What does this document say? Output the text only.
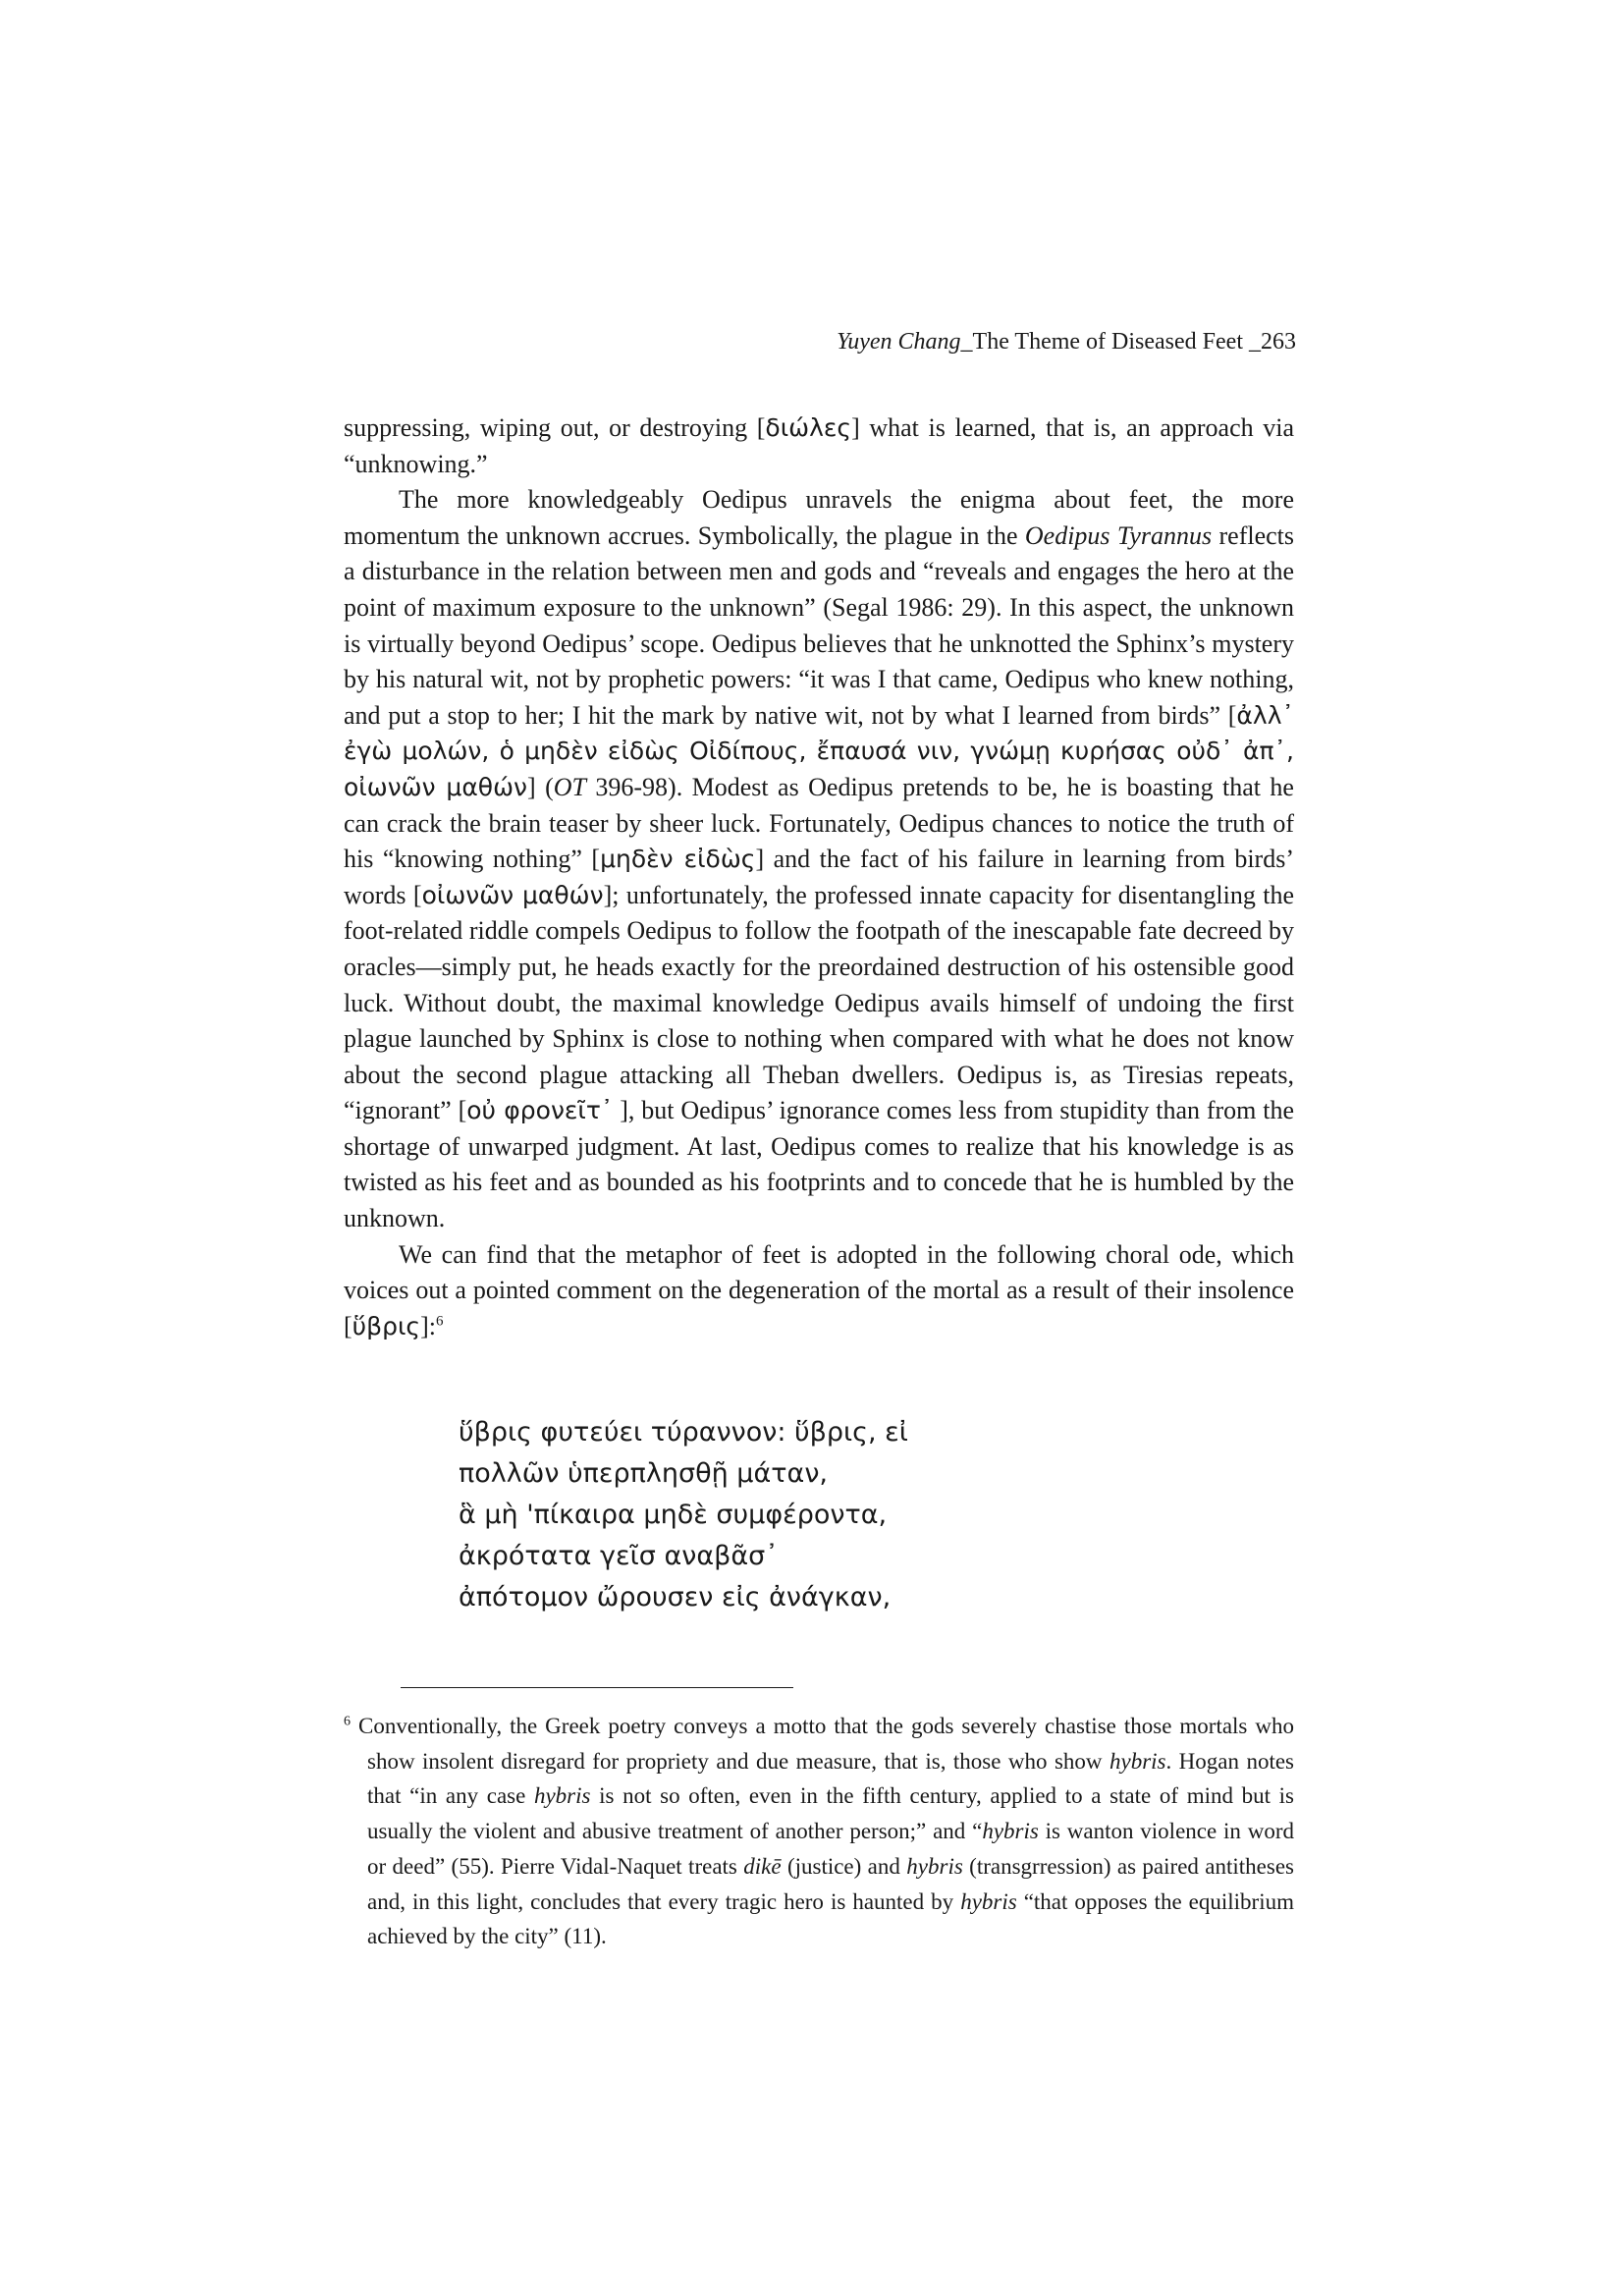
Yuyen Chang_The Theme of Diseased Feet _263

suppressing, wiping out, or destroying [διώλες] what is learned, that is, an approach via “unknowing.”

The more knowledgeably Oedipus unravels the enigma about feet, the more momentum the unknown accrues. Symbolically, the plague in the Oedipus Tyrannus reflects a disturbance in the relation between men and gods and “reveals and engages the hero at the point of maximum exposure to the unknown” (Segal 1986: 29). In this aspect, the unknown is virtually beyond Oedipus’ scope. Oedipus believes that he unknotted the Sphinx’s mystery by his natural wit, not by prophetic powers: “it was I that came, Oedipus who knew nothing, and put a stop to her; I hit the mark by native wit, not by what I learned from birds” [ἀλλ᾽ ἐγὼ μολών, ὁ μηδὲν εἰδὼς Οἰδίπους, ἔπαυσά νιν, γνώμῃ κυρήσας οὐδ᾽ ἀπ᾽, οἰωνῶν μαθών] (OT 396-98). Modest as Oedipus pretends to be, he is boasting that he can crack the brain teaser by sheer luck. Fortunately, Oedipus chances to notice the truth of his “knowing nothing” [μηδὲν εἰδὼς] and the fact of his failure in learning from birds’ words [οἰωνῶν μαθών]; unfortunately, the professed innate capacity for disentangling the foot-related riddle compels Oedipus to follow the footpath of the inescapable fate decreed by oracles—simply put, he heads exactly for the preordained destruction of his ostensible good luck. Without doubt, the maximal knowledge Oedipus avails himself of undoing the first plague launched by Sphinx is close to nothing when compared with what he does not know about the second plague attacking all Theban dwellers. Oedipus is, as Tiresias repeats, “ignorant” [οὐ φρονεῖτ᾽ ], but Oedipus’ ignorance comes less from stupidity than from the shortage of unwarped judgment. At last, Oedipus comes to realize that his knowledge is as twisted as his feet and as bounded as his footprints and to concede that he is humbled by the unknown.

We can find that the metaphor of feet is adopted in the following choral ode, which voices out a pointed comment on the degeneration of the mortal as a result of their insolence [ὕβρις]:$^6$

ὕβρις φυτεύει τύραννον: ὕβρις, εἰ
πολλῶν ὑπερπλησθῇ μάταν,
ἃ μὴ 'πίκαιρα μηδὲ συμφέροντα,
ἀκρότατα γεῖσ αναβᾶσ᾽
ἀπότομον ὤρουσεν εἰς ἀνάγκαν,
$^6$ Conventionally, the Greek poetry conveys a motto that the gods severely chastise those mortals who show insolent disregard for propriety and due measure, that is, those who show hybris. Hogan notes that “in any case hybris is not so often, even in the fifth century, applied to a state of mind but is usually the violent and abusive treatment of another person;” and “hybris is wanton violence in word or deed” (55). Pierre Vidal-Naquet treats dikē (justice) and hybris (transgrression) as paired antitheses and, in this light, concludes that every tragic hero is haunted by hybris “that opposes the equilibrium achieved by the city” (11).
